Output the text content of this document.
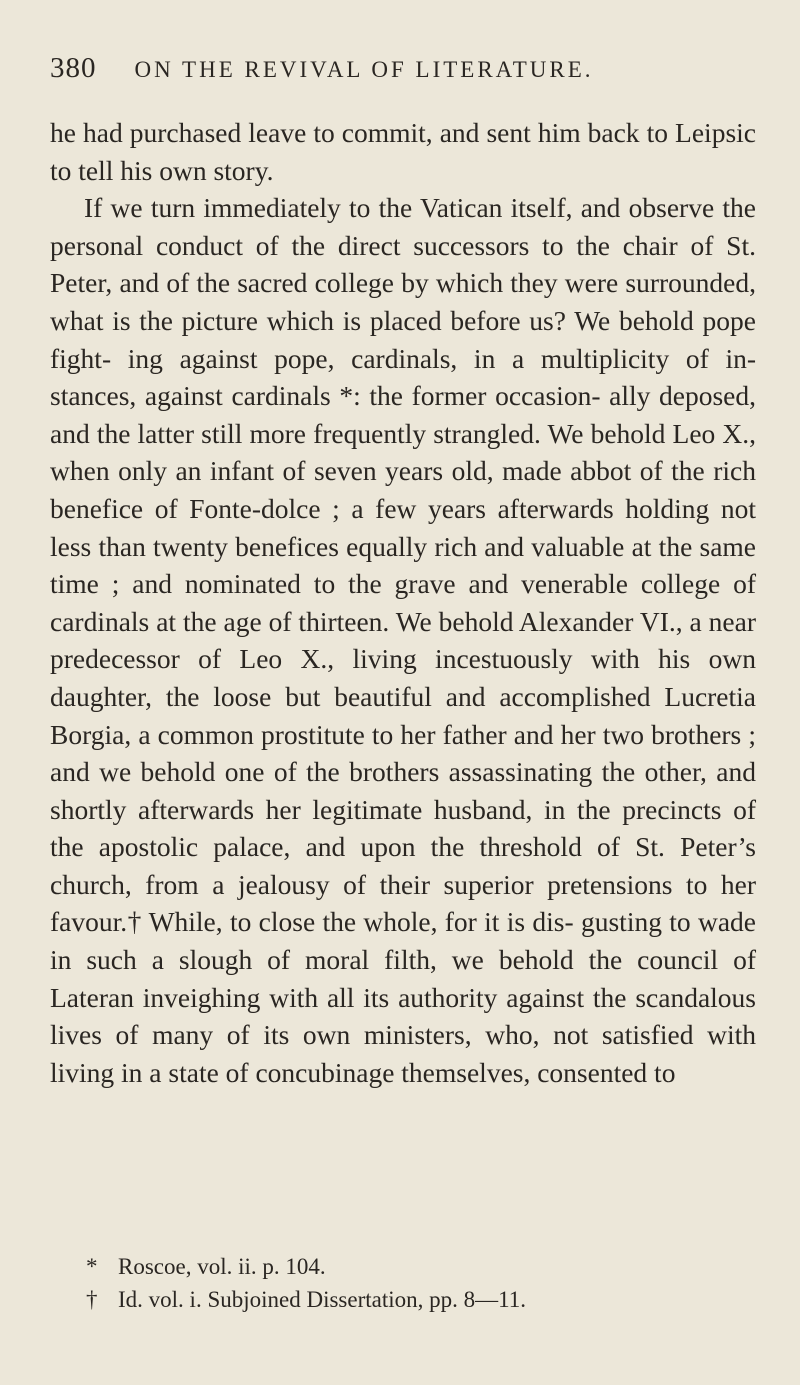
380 ON THE REVIVAL OF LITERATURE.

he had purchased leave to commit, and sent him back to Leipsic to tell his own story.

If we turn immediately to the Vatican itself, and observe the personal conduct of the direct successors to the chair of St. Peter, and of the sacred college by which they were surrounded, what is the picture which is placed before us? We behold pope fight- ing against pope, cardinals, in a multiplicity of in- stances, against cardinals *: the former occasion- ally deposed, and the latter still more frequently strangled. We behold Leo X., when only an infant of seven years old, made abbot of the rich benefice of Fonte-dolce ; a few years afterwards holding not less than twenty benefices equally rich and valuable at the same time ; and nominated to the grave and venerable college of cardinals at the age of thirteen. We behold Alexander VI., a near predecessor of Leo X., living incestuously with his own daughter, the loose but beautiful and accomplished Lucretia Borgia, a common prostitute to her father and her two brothers ; and we behold one of the brothers assassinating the other, and shortly afterwards her legitimate husband, in the precincts of the apostolic palace, and upon the threshold of St. Peter’s church, from a jealousy of their superior pretensions to her favour.† While, to close the whole, for it is dis- gusting to wade in such a slough of moral filth, we behold the council of Lateran inveighing with all its authority against the scandalous lives of many of its own ministers, who, not satisfied with living in a state of concubinage themselves, consented to

* Roscoe, vol. ii. p. 104.
† Id. vol. i. Subjoined Dissertation, pp. 8—11.
